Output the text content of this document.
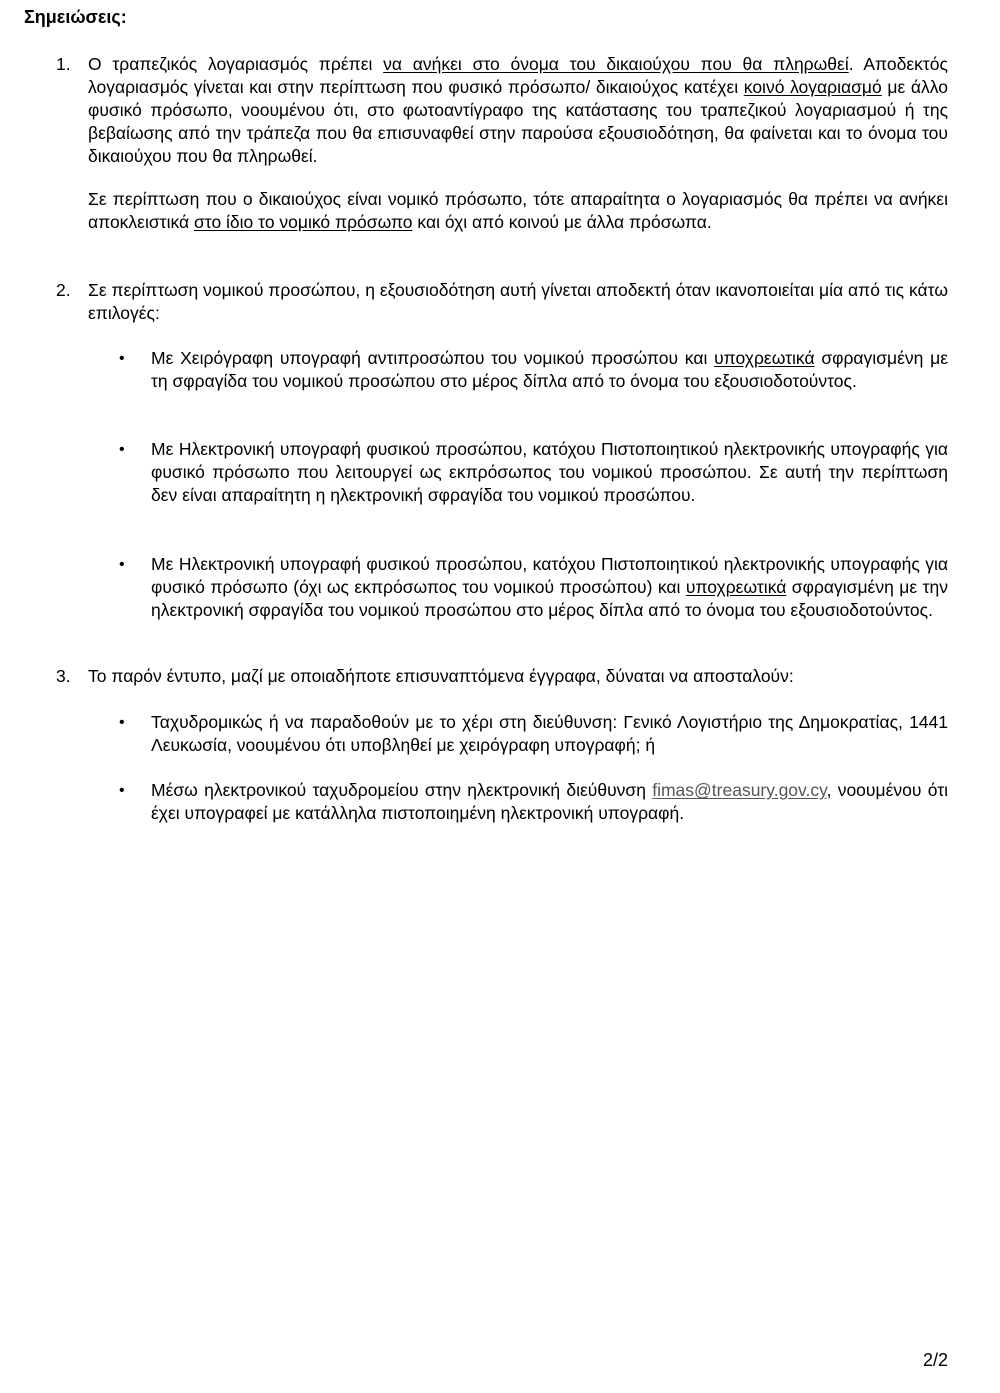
Σημειώσεις:
1. Ο τραπεζικός λογαριασμός πρέπει να ανήκει στο όνομα του δικαιούχου που θα πληρωθεί. Αποδεκτός λογαριασμός γίνεται και στην περίπτωση που φυσικό πρόσωπο/ δικαιούχος κατέχει κοινό λογαριασμό με άλλο φυσικό πρόσωπο, νοουμένου ότι, στο φωτοαντίγραφο της κατάστασης του τραπεζικού λογαριασμού ή της βεβαίωσης από την τράπεζα που θα επισυναφθεί στην παρούσα εξουσιοδότηση, θα φαίνεται και το όνομα του δικαιούχου που θα πληρωθεί.
Σε περίπτωση που ο δικαιούχος είναι νομικό πρόσωπο, τότε απαραίτητα ο λογαριασμός θα πρέπει να ανήκει αποκλειστικά στο ίδιο το νομικό πρόσωπο και όχι από κοινού με άλλα πρόσωπα.
2. Σε περίπτωση νομικού προσώπου, η εξουσιοδότηση αυτή γίνεται αποδεκτή όταν ικανοποιείται μία από τις κάτω επιλογές:
• Με Χειρόγραφη υπογραφή αντιπροσώπου του νομικού προσώπου και υποχρεωτικά σφραγισμένη με τη σφραγίδα του νομικού προσώπου στο μέρος δίπλα από το όνομα του εξουσιοδοτούντος.
• Με Ηλεκτρονική υπογραφή φυσικού προσώπου, κατόχου Πιστοποιητικού ηλεκτρονικής υπογραφής για φυσικό πρόσωπο που λειτουργεί ως εκπρόσωπος του νομικού προσώπου. Σε αυτή την περίπτωση δεν είναι απαραίτητη η ηλεκτρονική σφραγίδα του νομικού προσώπου.
• Με Ηλεκτρονική υπογραφή φυσικού προσώπου, κατόχου Πιστοποιητικού ηλεκτρονικής υπογραφής για φυσικό πρόσωπο (όχι ως εκπρόσωπος του νομικού προσώπου) και υποχρεωτικά σφραγισμένη με την ηλεκτρονική σφραγίδα του νομικού προσώπου στο μέρος δίπλα από το όνομα του εξουσιοδοτούντος.
3. Το παρόν έντυπο, μαζί με οποιαδήποτε επισυναπτόμενα έγγραφα, δύναται να αποσταλούν:
• Ταχυδρομικώς ή να παραδοθούν με το χέρι στη διεύθυνση: Γενικό Λογιστήριο της Δημοκρατίας, 1441 Λευκωσία, νοουμένου ότι υποβληθεί με χειρόγραφη υπογραφή; ή
• Μέσω ηλεκτρονικού ταχυδρομείου στην ηλεκτρονική διεύθυνση fimas@treasury.gov.cy, νοουμένου ότι έχει υπογραφεί με κατάλληλα πιστοποιημένη ηλεκτρονική υπογραφή.
2/2
